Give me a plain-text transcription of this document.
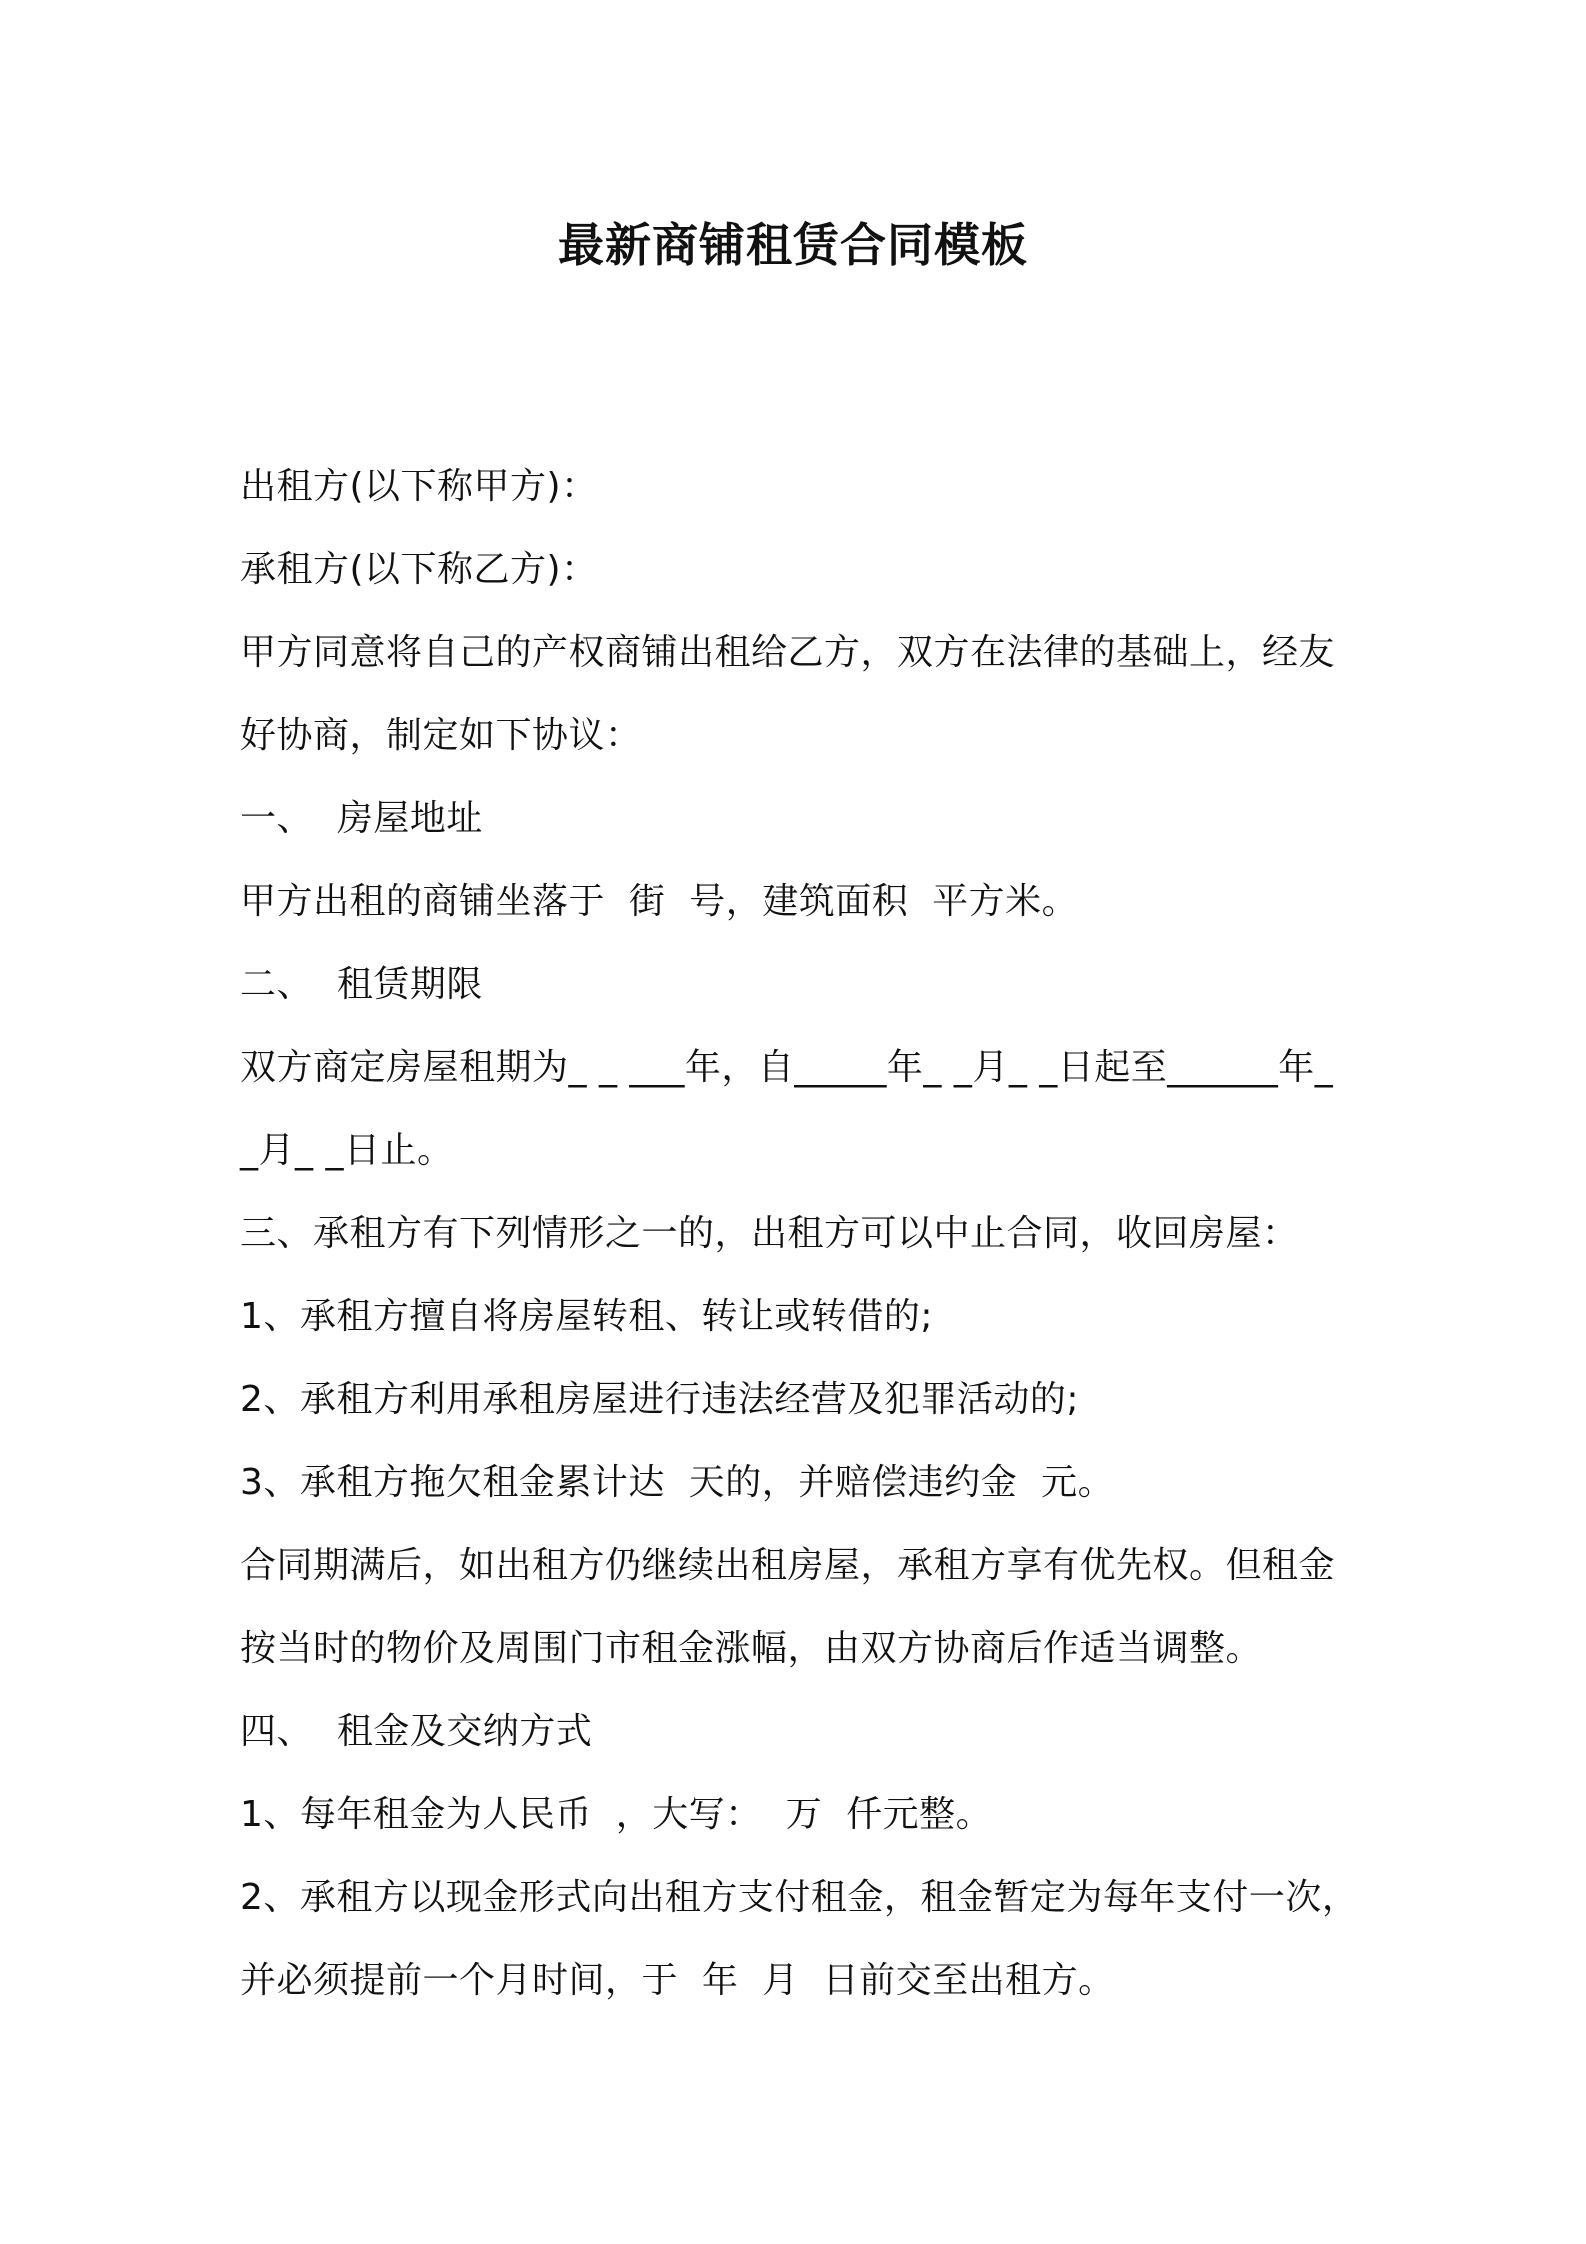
最新商铺租赁合同模板
出租方(以下称甲方)：
承租方(以下称乙方)：
甲方同意将自己的产权商铺出租给乙方，双方在法律的基础上，经友
好协商，制定如下协议：
一、  房屋地址
甲方出租的商铺坐落于  街  号，建筑面积  平方米。
二、  租赁期限
双方商定房屋租期为_ _ ___年，自_____年_ _月_ _日起至______年_
_月_ _日止。
三、承租方有下列情形之一的，出租方可以中止合同，收回房屋：
1、承租方擅自将房屋转租、转让或转借的;
2、承租方利用承租房屋进行违法经营及犯罪活动的;
3、承租方拖欠租金累计达  天的，并赔偿违约金  元。
合同期满后，如出租方仍继续出租房屋，承租方享有优先权。但租金
按当时的物价及周围门市租金涨幅，由双方协商后作适当调整。
四、  租金及交纳方式
1、每年租金为人民币  ，大写：  万  仟元整。
2、承租方以现金形式向出租方支付租金，租金暂定为每年支付一次，
并必须提前一个月时间，于  年  月  日前交至出租方。
